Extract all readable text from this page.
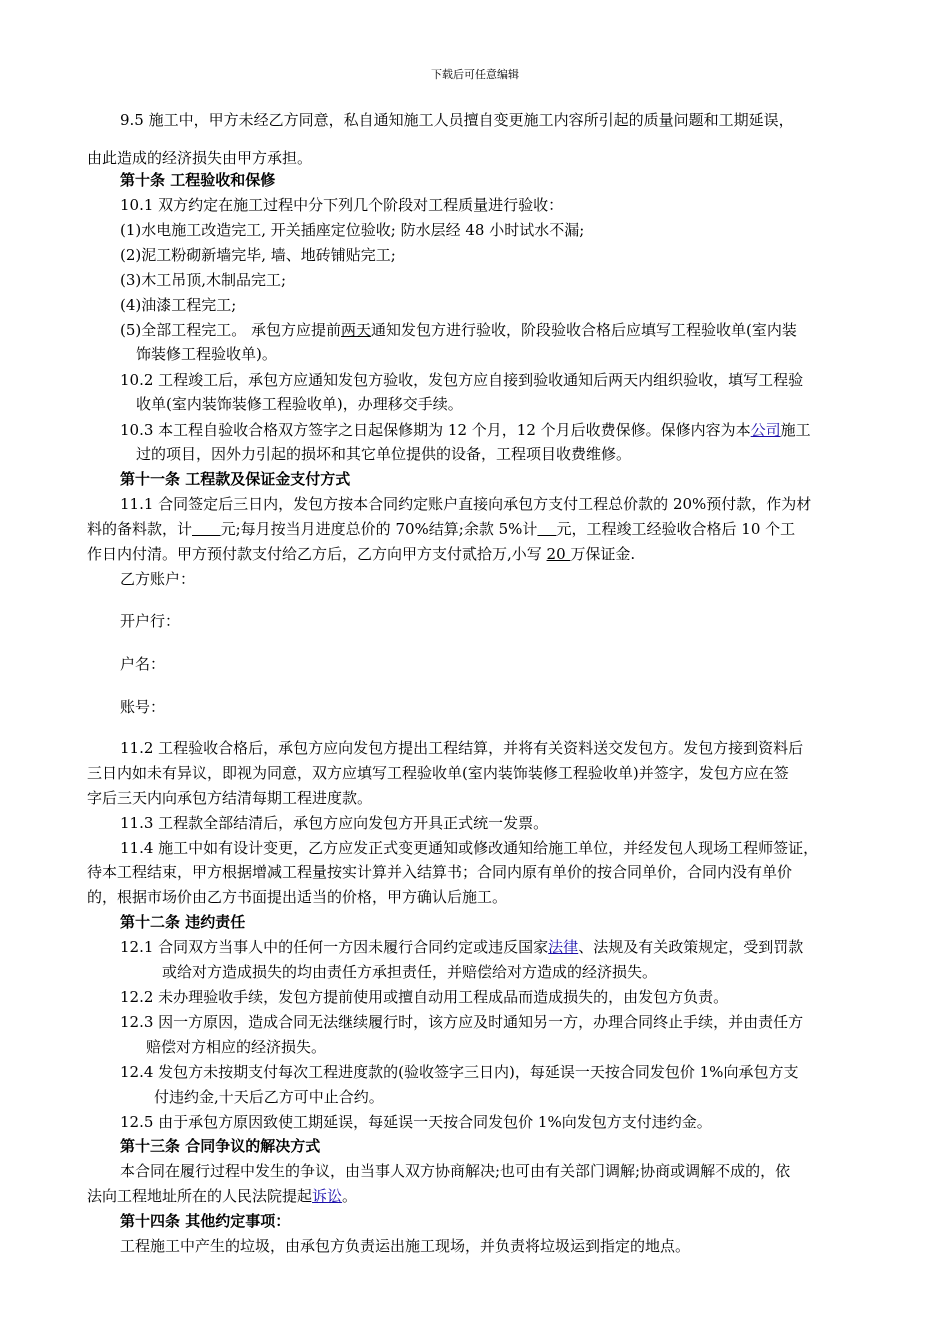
下载后可任意编辑
9.5 施工中，甲方未经乙方同意，私自通知施工人员擅自变更施工内容所引起的质量问题和工期延误，
由此造成的经济损失由甲方承担。
第十条 工程验收和保修
10.1 双方约定在施工过程中分下列几个阶段对工程质量进行验收：
(1)水电施工改造完工, 开关插座定位验收; 防水层经 48 小时试水不漏;
(2)泥工粉砌新墙完毕, 墙、地砖铺贴完工;
(3)木工吊顶,木制品完工;
(4)油漆工程完工;
(5)全部工程完工。 承包方应提前两天通知发包方进行验收，阶段验收合格后应填写工程验收单(室内装
饰装修工程验收单)。
10.2 工程竣工后，承包方应通知发包方验收，发包方应自接到验收通知后两天内组织验收，填写工程验
收单(室内装饰装修工程验收单)，办理移交手续。
10.3 本工程自验收合格双方签字之日起保修期为 12 个月，12 个月后收费保修。保修内容为本公司施工
过的项目，因外力引起的损坏和其它单位提供的设备，工程项目收费维修。
第十一条 工程款及保证金支付方式
11.1 合同签定后三日内，发包方按本合同约定账户直接向承包方支付工程总价款的 20%预付款，作为材
料的备料款，计 元;每月按当月进度总价的 70%结算;余款 5%计 元，工程竣工经验收合格后 10 个工
作日内付清。甲方预付款支付给乙方后，乙方向甲方支付贰拾万,小写 20 万保证金.
乙方账户：
开户行：
户名：
账号：
11.2 工程验收合格后，承包方应向发包方提出工程结算，并将有关资料送交发包方。发包方接到资料后
三日内如未有异议，即视为同意，双方应填写工程验收单(室内装饰装修工程验收单)并签字，发包方应在签
字后三天内向承包方结清每期工程进度款。
11.3 工程款全部结清后，承包方应向发包方开具正式统一发票。
11.4 施工中如有设计变更，乙方应发正式变更通知或修改通知给施工单位，并经发包人现场工程师签证，
待本工程结束，甲方根据增减工程量按实计算并入结算书；合同内原有单价的按合同单价，合同内没有单价
的，根据市场价由乙方书面提出适当的价格，甲方确认后施工。
第十二条 违约责任
12.1 合同双方当事人中的任何一方因未履行合同约定或违反国家法律、法规及有关政策规定，受到罚款
或给对方造成损失的均由责任方承担责任，并赔偿给对方造成的经济损失。
12.2 未办理验收手续，发包方提前使用或擅自动用工程成品而造成损失的，由发包方负责。
12.3 因一方原因，造成合同无法继续履行时，该方应及时通知另一方，办理合同终止手续，并由责任方
赔偿对方相应的经济损失。
12.4 发包方未按期支付每次工程进度款的(验收签字三日内)，每延误一天按合同发包价 1%向承包方支
付违约金,十天后乙方可中止合约。
12.5 由于承包方原因致使工期延误，每延误一天按合同发包价 1%向发包方支付违约金。
第十三条 合同争议的解决方式
本合同在履行过程中发生的争议，由当事人双方协商解决;也可由有关部门调解;协商或调解不成的，依
法向工程地址所在的人民法院提起诉讼。
第十四条 其他约定事项：
工程施工中产生的垃圾，由承包方负责运出施工现场，并负责将垃圾运到指定的地点。
